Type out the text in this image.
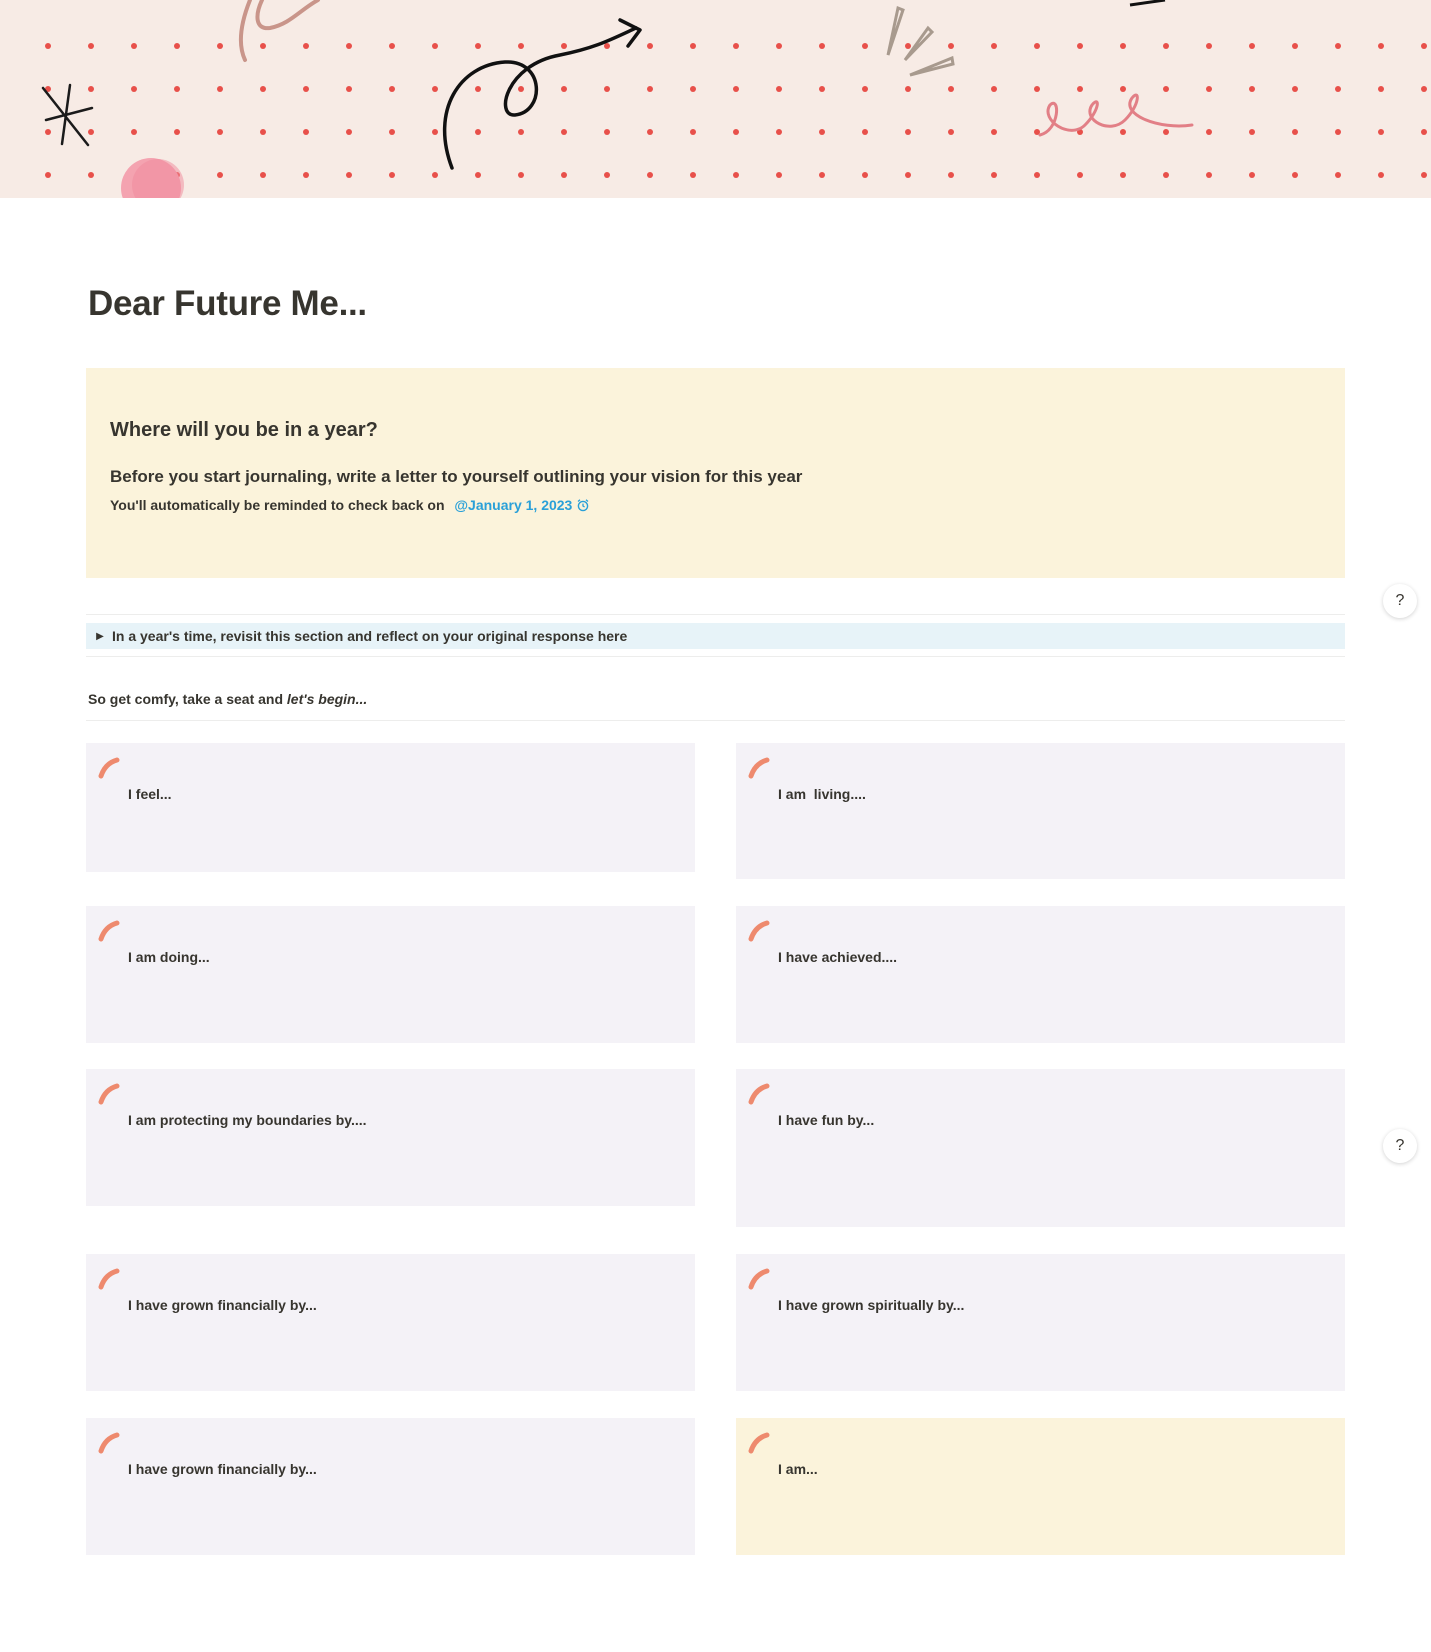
Dear Future Me...
Where will you be in a year?

Before you start journaling, write a letter to yourself outlining your vision for this year

You'll automatically be reminded to check back on @January 1, 2023

▶ In a year's time, revisit this section and reflect on your original response here
So get comfy, take a seat and let's begin...
I feel...	I am  living....
I am doing...	I have achieved....
I am protecting my boundaries by....	I have fun by...
I have grown financially by...	I have grown spiritually by...
I have grown financially by...	I am...
?
?
